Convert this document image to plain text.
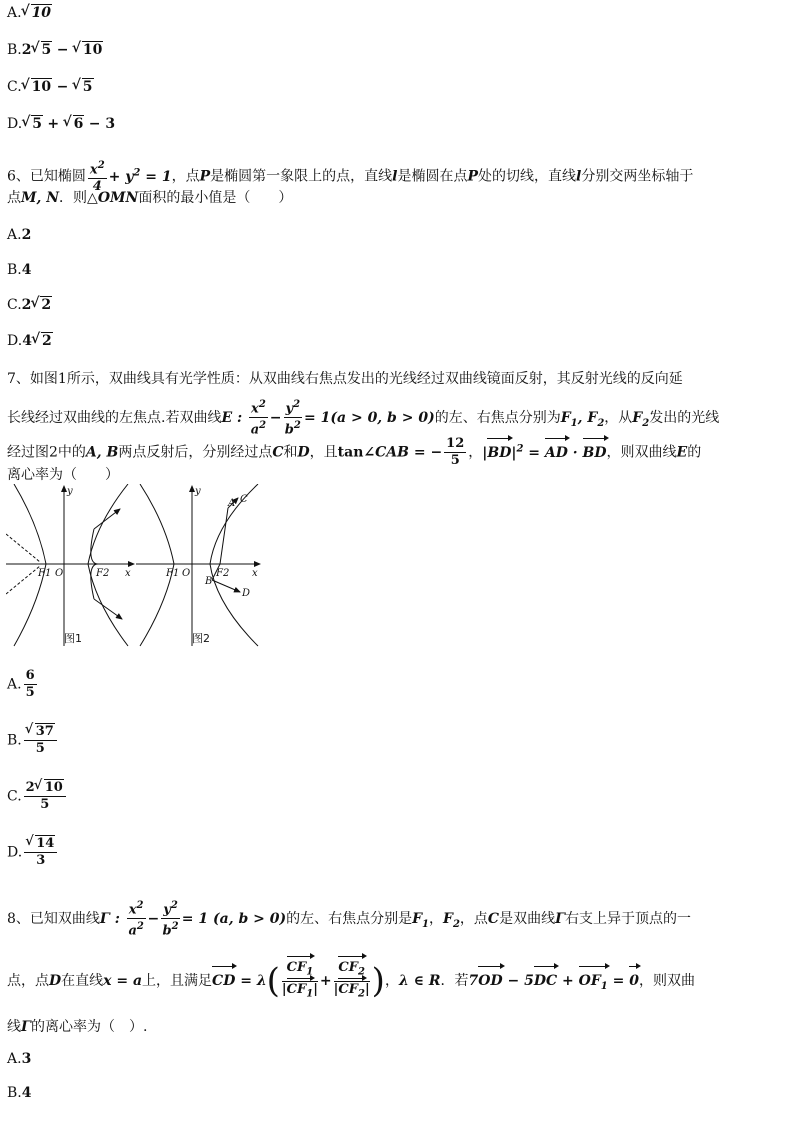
A. √ 10
B.2 √ 5 − √ 10
C. √ 10 − √ 5
D. √ 5 + √ 6 − 3
6、已知椭圆 $\frac{x^2}{4} + y^2 = 1$，点P是椭圆第一象限上的点，直线l是椭圆在点P处的切线，直线l分别交两坐标轴于
点M, N．则△OMN面积的最小值是（　　）
A.2
B.4
C.2 √ 2
D.4 √ 2
7、如图1所示，双曲线具有光学性质：从双曲线右焦点发出的光线经过双曲线镜面反射，其反射光线的反向延
长线经过双曲线的左焦点.若双曲线E : $\frac{x^2}{a^2} - \frac{y^2}{b^2} = 1(a > 0$, b > 0)的左、右焦点分别为$F_1$, $F_2$，从$F_2$发出的光线
经过图2中的A, B两点反射后，分别经过点C和D，且tan∠CAB = − $\frac{12}{5}$ ，$|BD|^2$ = AD · BD，则双曲线E的
离心率为（　　）
F1 O	F2 x
y
F1 O	F2 x
y
A C
B
D
图1	图2
A. $\frac{6}{5}$
B. √ $\frac{37}{5}$
C. $\frac{2 √ 10}{5}$
D. √ $\frac{14}{3}$
8、已知双曲线Γ : $\frac{x^2}{a^2} - \frac{y^2}{b^2} = 1$ (a, b > 0)的左、右焦点分别是$F_1$，$F_2$，点C是双曲线Γ右支上异于顶点的一
点，点D在直线x = a上，且满足CD = $\lambda( \frac{CF_1}{|CF_1|} + \frac{CF_2}{|CF_2|}$ )，λ ∈ R．若$7OD - 5DC + OF_1 = 0$，则双曲
线Γ的离心率为（　）.
A.3
B.4
